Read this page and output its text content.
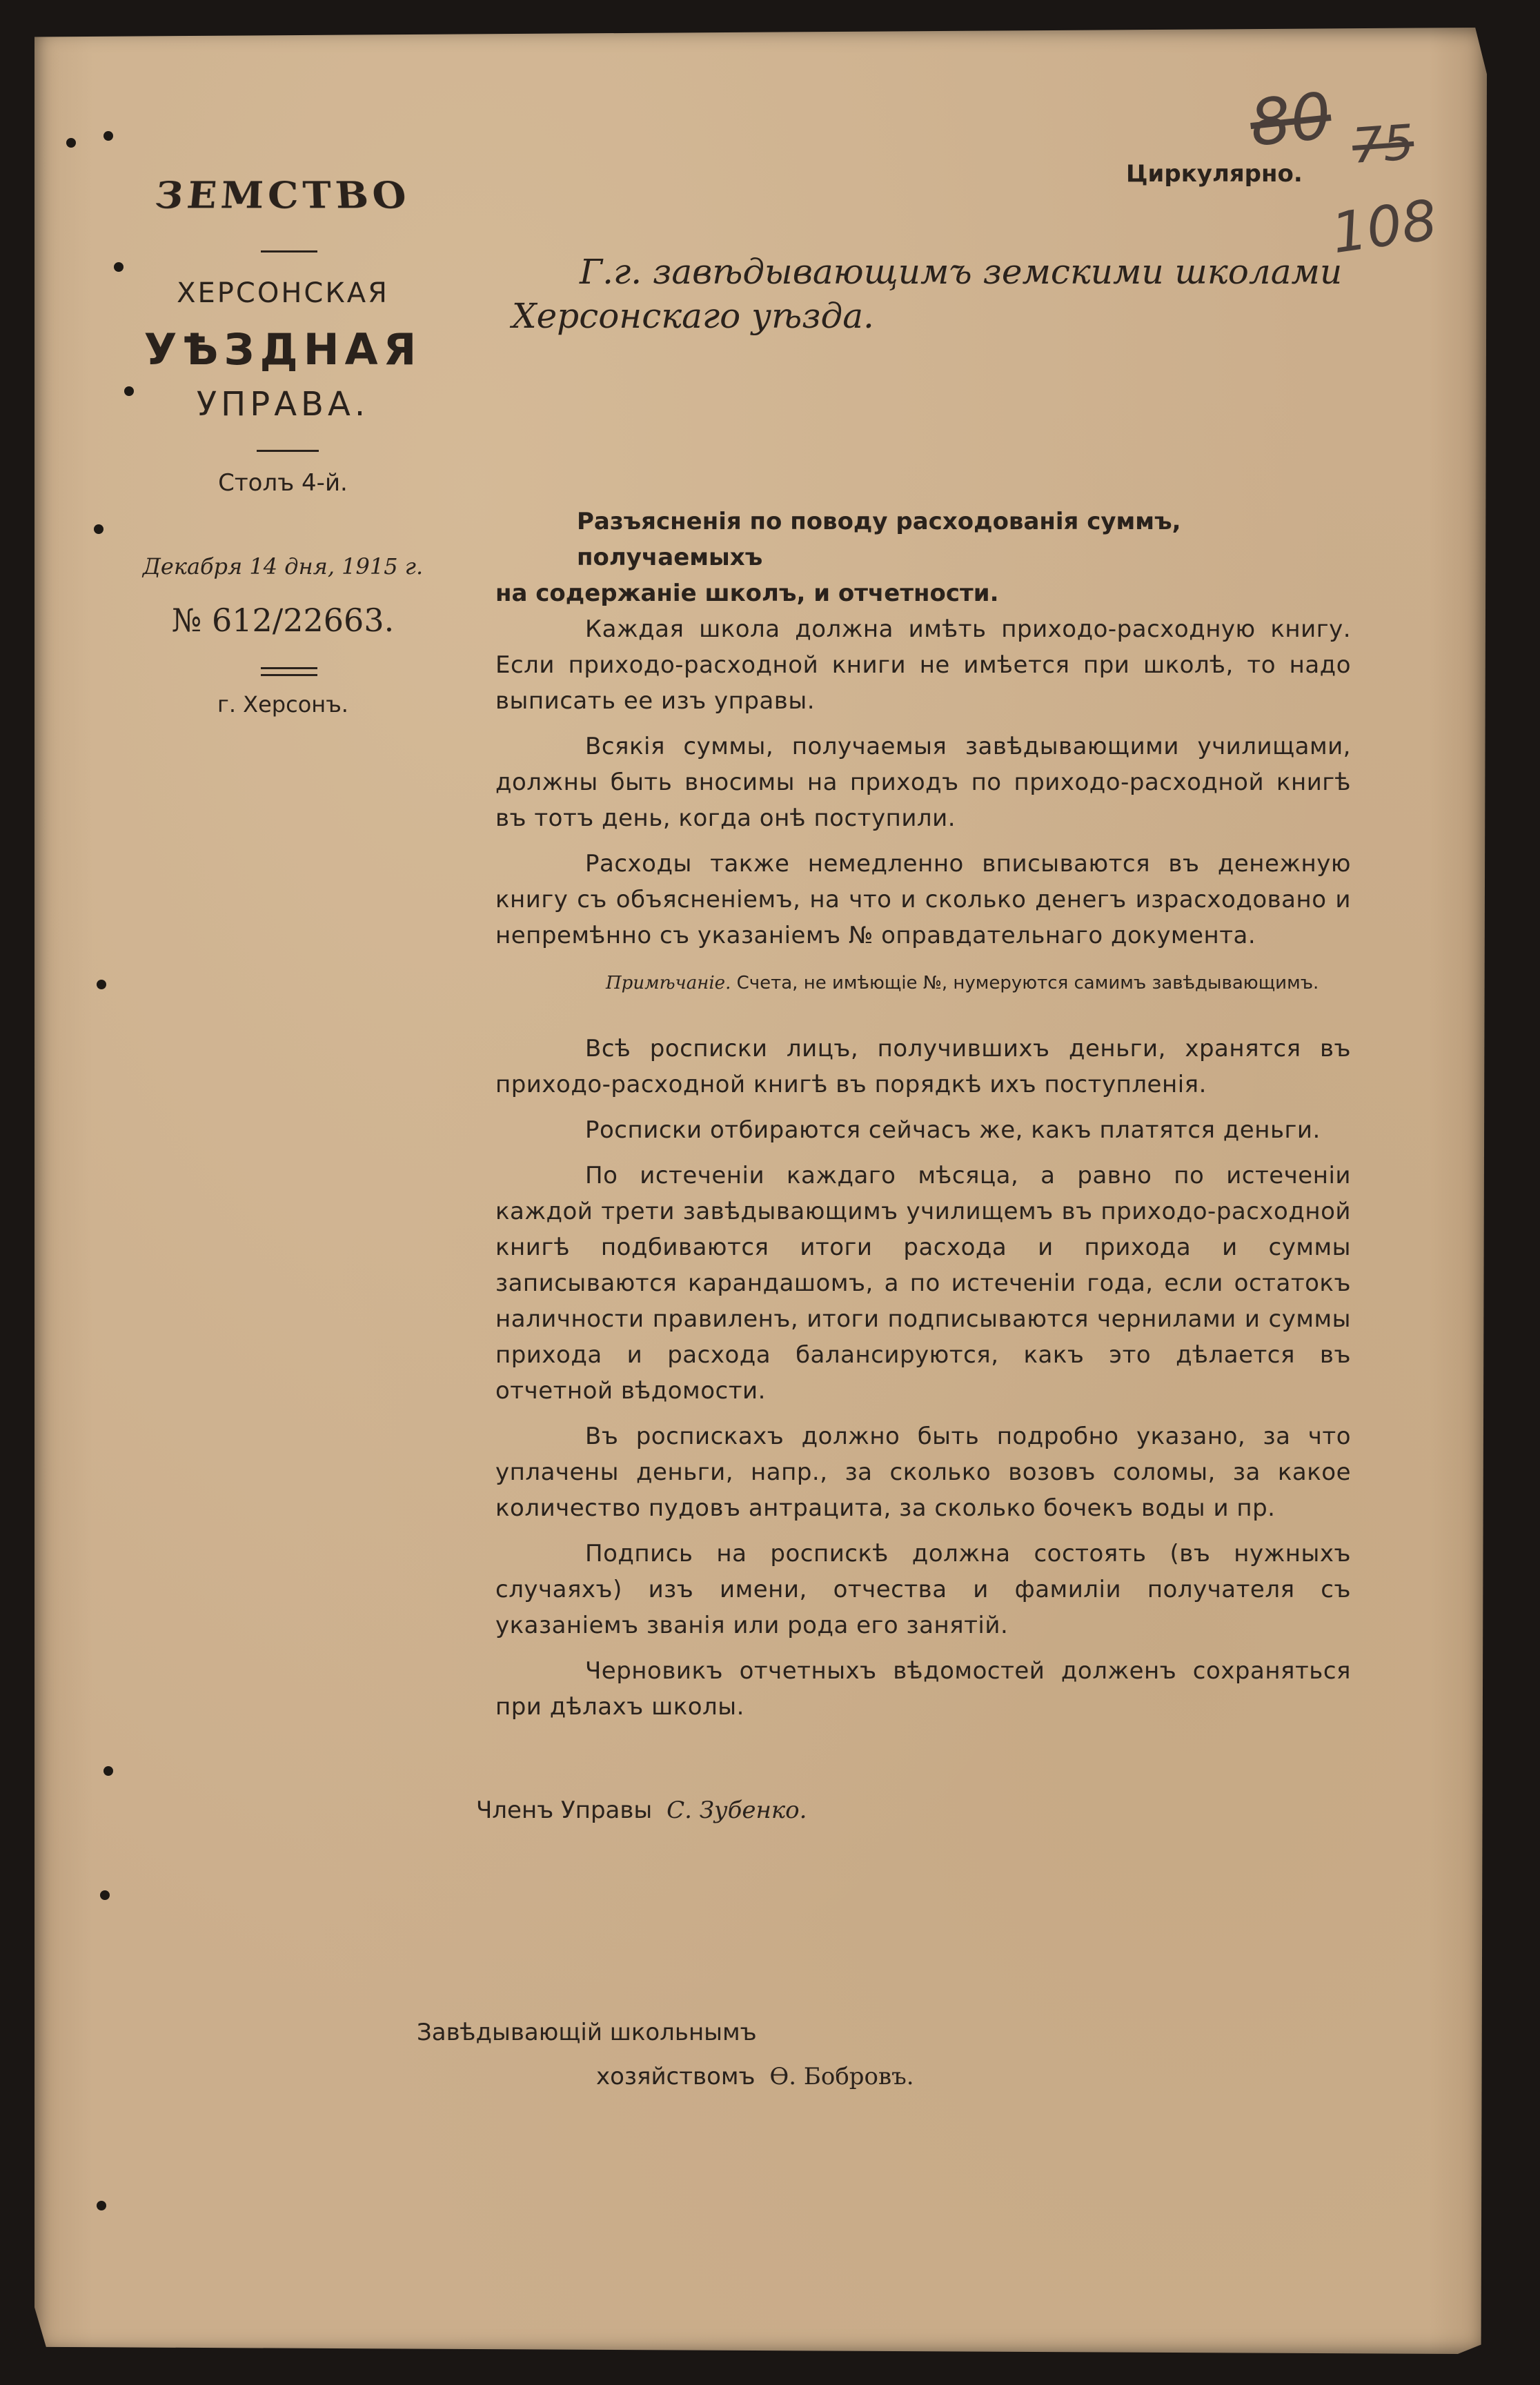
ЗЕМСТВО
ХЕРСОНСКАЯ
УѢЗДНАЯ
УПРАВА.
Столъ 4-й.
Декабря 14 дня, 1915 г.
№ 612/22663.
г. Херсонъ.
80 75
108
Циркулярно.
Г.г. завѣдывающимъ земскими школами
Херсонскаго уѣзда.
Разъясненія по поводу расходованія суммъ, получаемыхъ
на содержаніе школъ, и отчетности.

Каждая школа должна имѣть приходо-расходную книгу. Если приходо-расходной книги не имѣется при школѣ, то надо выписать ее изъ управы.

Всякія суммы, получаемыя завѣдывающими училищами, должны быть вносимы на приходъ по приходо-расходной книгѣ въ тотъ день, когда онѣ поступили.

Расходы также немедленно вписываются въ денежную книгу съ объясненіемъ, на что и сколько денегъ израсходовано и непремѣнно съ указаніемъ № оправдательнаго документа.

Примѣчаніе. Счета, не имѣющіе №, нумеруются самимъ завѣдывающимъ.

Всѣ росписки лицъ, получившихъ деньги, хранятся въ приходо-расходной книгѣ въ порядкѣ ихъ поступленія.

Росписки отбираются сейчасъ же, какъ платятся деньги.

По истеченіи каждаго мѣсяца, а равно по истеченіи каждой трети завѣдывающимъ училищемъ въ приходо-расходной книгѣ подбиваются итоги расхода и прихода и суммы записываются карандашомъ, а по истеченіи года, если остатокъ наличности правиленъ, итоги подписываются чернилами и суммы прихода и расхода балансируются, какъ это дѣлается въ отчетной вѣдомости.

Въ роспискахъ должно быть подробно указано, за что уплачены деньги, напр., за сколько возовъ соломы, за какое количество пудовъ антрацита, за сколько бочекъ воды и пр.

Подпись на роспискѣ должна состоять (въ нужныхъ случаяхъ) изъ имени, отчества и фамиліи получателя съ указаніемъ званія или рода его занятій.

Черновикъ отчетныхъ вѣдомостей долженъ сохраняться при дѣлахъ школы.

Членъ Управы С. Зубенко.
Завѣдывающій школьнымъ
хозяйствомъ Ѳ. Бобровъ.
